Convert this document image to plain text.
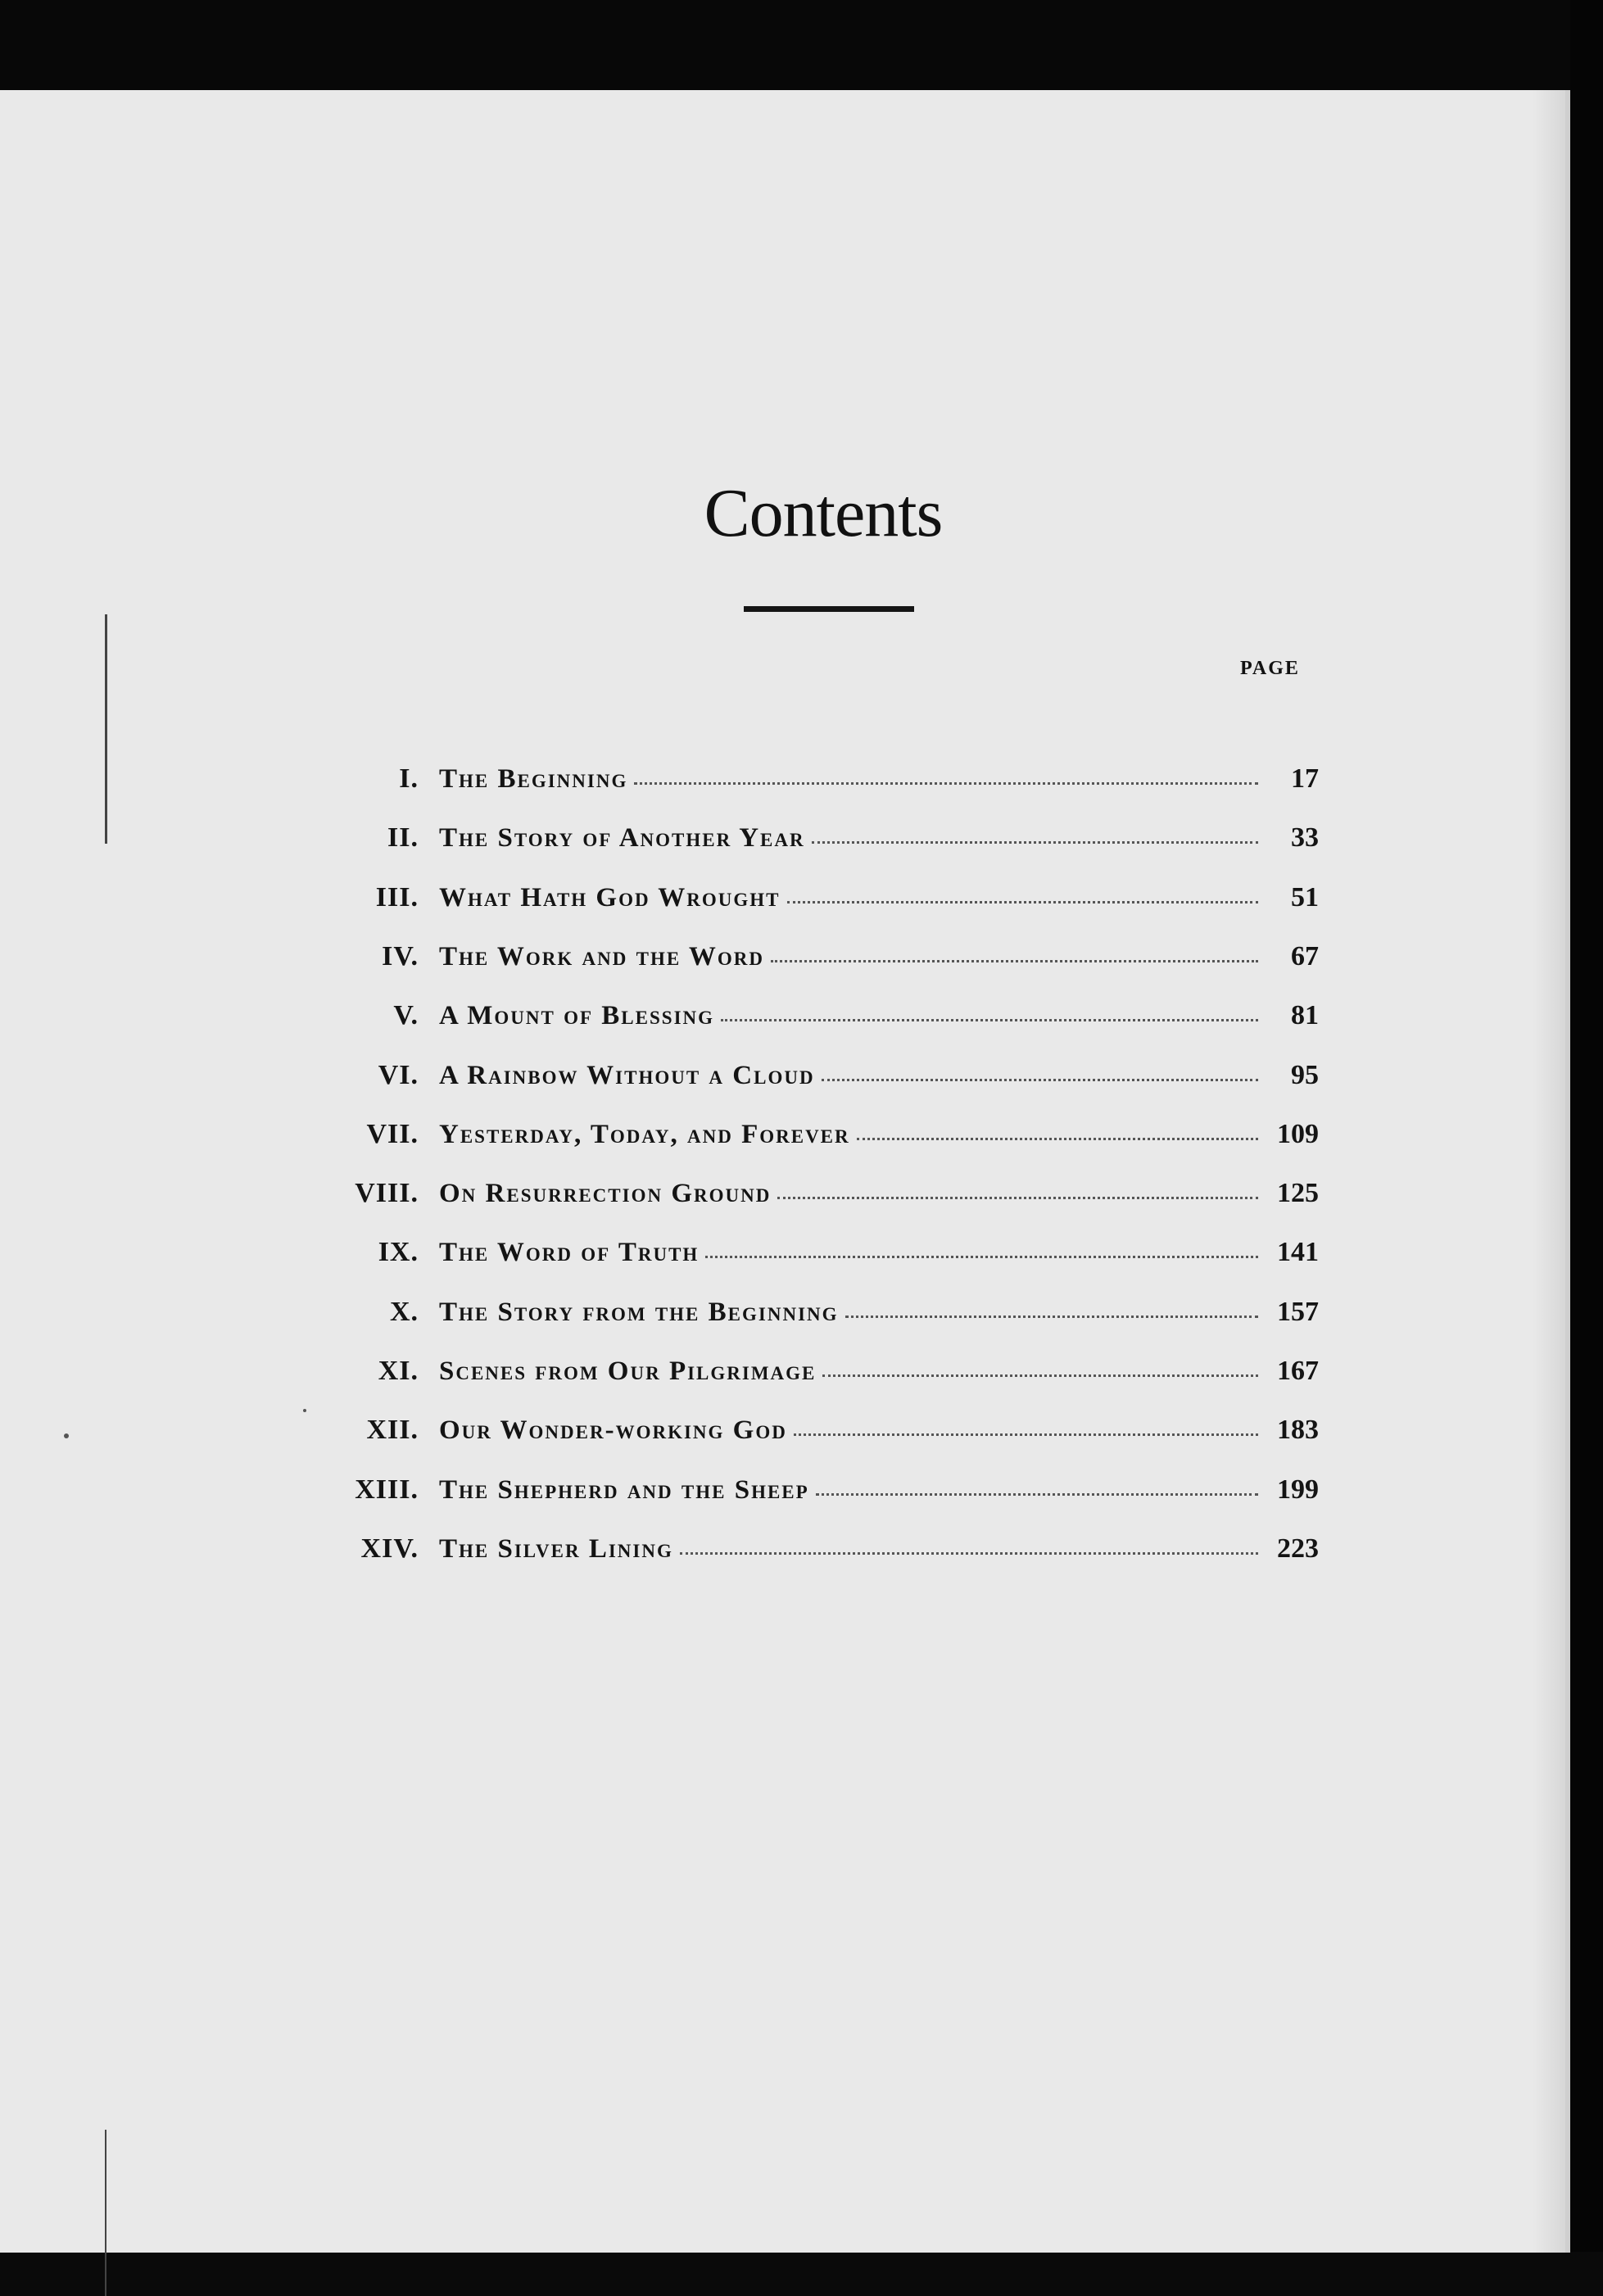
Contents
PAGE
I. The Beginning	17
II. The Story of Another Year	33
III. What Hath God Wrought	51
IV. The Work and the Word	67
V. A Mount of Blessing	81
VI. A Rainbow Without a Cloud	95
VII. Yesterday, Today, and Forever	109
VIII. On Resurrection Ground	125
IX. The Word of Truth	141
X. The Story from the Beginning	157
XI. Scenes from Our Pilgrimage	167
XII. Our Wonder-working God	183
XIII. The Shepherd and the Sheep	199
XIV. The Silver Lining	223
